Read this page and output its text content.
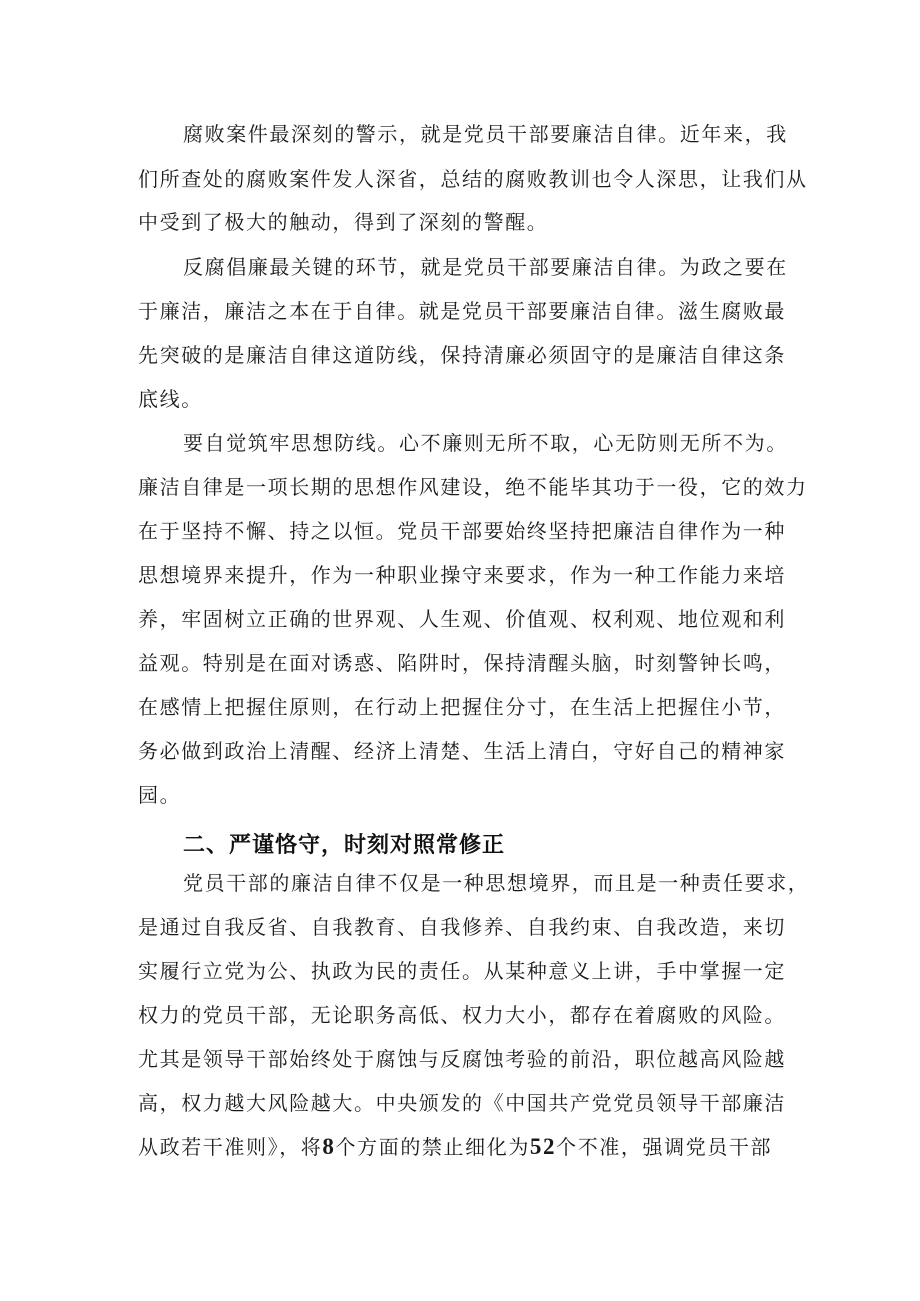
腐败案件最深刻的警示，就是党员干部要廉洁自律。近年来，我
们所查处的腐败案件发人深省，总结的腐败教训也令人深思，让我们从
中受到了极大的触动，得到了深刻的警醒。
反腐倡廉最关键的环节，就是党员干部要廉洁自律。为政之要在
于廉洁，廉洁之本在于自律。就是党员干部要廉洁自律。滋生腐败最
先突破的是廉洁自律这道防线，保持清廉必须固守的是廉洁自律这条
底线。
要自觉筑牢思想防线。心不廉则无所不取，心无防则无所不为。
廉洁自律是一项长期的思想作风建设，绝不能毕其功于一役，它的效力
在于坚持不懈、持之以恒。党员干部要始终坚持把廉洁自律作为一种
思想境界来提升，作为一种职业操守来要求，作为一种工作能力来培
养，牢固树立正确的世界观、人生观、价值观、权利观、地位观和利
益观。特别是在面对诱惑、陷阱时，保持清醒头脑，时刻警钟长鸣，
在感情上把握住原则，在行动上把握住分寸，在生活上把握住小节，
务必做到政治上清醒、经济上清楚、生活上清白，守好自己的精神家
园。
二、严谨恪守，时刻对照常修正
党员干部的廉洁自律不仅是一种思想境界，而且是一种责任要求，
是通过自我反省、自我教育、自我修养、自我约束、自我改造，来切
实履行立党为公、执政为民的责任。从某种意义上讲，手中掌握一定
权力的党员干部，无论职务高低、权力大小，都存在着腐败的风险。
尤其是领导干部始终处于腐蚀与反腐蚀考验的前沿，职位越高风险越
高，权力越大风险越大。中央颁发的《中国共产党党员领导干部廉洁
从政若干准则》，将8个方面的禁止细化为52个不准，强调党员干部
